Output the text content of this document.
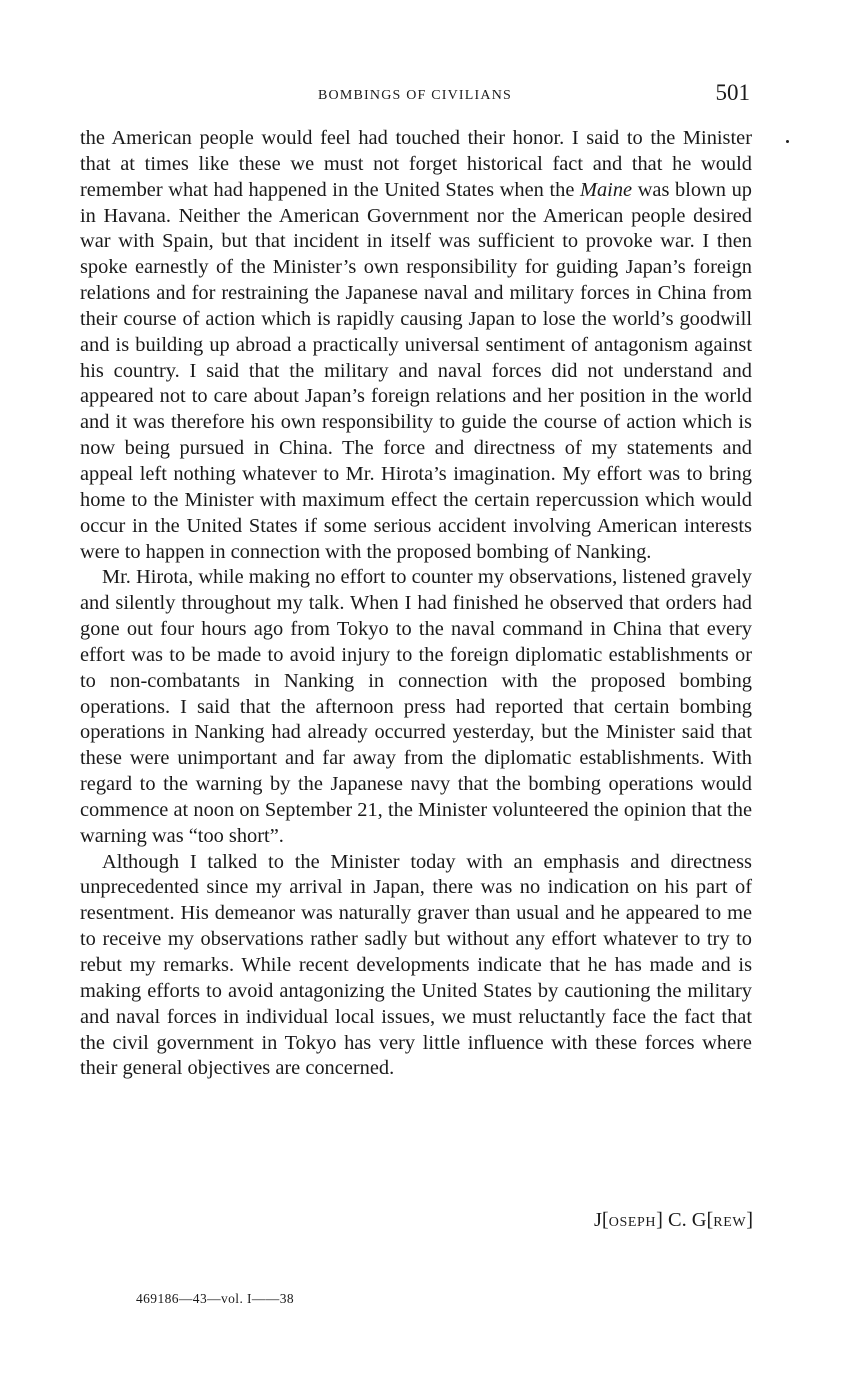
BOMBINGS OF CIVILIANS	501

the American people would feel had touched their honor. I said to the Minister that at times like these we must not forget historical fact and that he would remember what had happened in the United States when the Maine was blown up in Havana. Neither the American Government nor the American people desired war with Spain, but that incident in itself was sufficient to provoke war. I then spoke earnestly of the Minister’s own responsibility for guiding Japan’s foreign relations and for restraining the Japanese naval and military forces in China from their course of action which is rapidly causing Japan to lose the world’s goodwill and is building up abroad a practically universal sentiment of antagonism against his country. I said that the military and naval forces did not understand and appeared not to care about Japan’s foreign relations and her position in the world and it was therefore his own responsibility to guide the course of action which is now being pursued in China. The force and directness of my statements and appeal left nothing whatever to Mr. Hirota’s imagination. My effort was to bring home to the Minister with maximum effect the certain repercussion which would occur in the United States if some serious accident involving American interests were to happen in connection with the proposed bombing of Nanking.

Mr. Hirota, while making no effort to counter my observations, listened gravely and silently throughout my talk. When I had finished he observed that orders had gone out four hours ago from Tokyo to the naval command in China that every effort was to be made to avoid injury to the foreign diplomatic establishments or to non-combatants in Nanking in connection with the proposed bombing operations. I said that the afternoon press had reported that certain bombing operations in Nanking had already occurred yesterday, but the Minister said that these were unimportant and far away from the diplomatic establishments. With regard to the warning by the Japanese navy that the bombing operations would commence at noon on September 21, the Minister volunteered the opinion that the warning was “too short”.

Although I talked to the Minister today with an emphasis and directness unprecedented since my arrival in Japan, there was no indication on his part of resentment. His demeanor was naturally graver than usual and he appeared to me to receive my observations rather sadly but without any effort whatever to try to rebut my remarks. While recent developments indicate that he has made and is making efforts to avoid antagonizing the United States by cautioning the military and naval forces in individual local issues, we must reluctantly face the fact that the civil government in Tokyo has very little influence with these forces where their general objectives are concerned.

J[OSEPH] C. G[REW]
469186—43—vol. I——38
